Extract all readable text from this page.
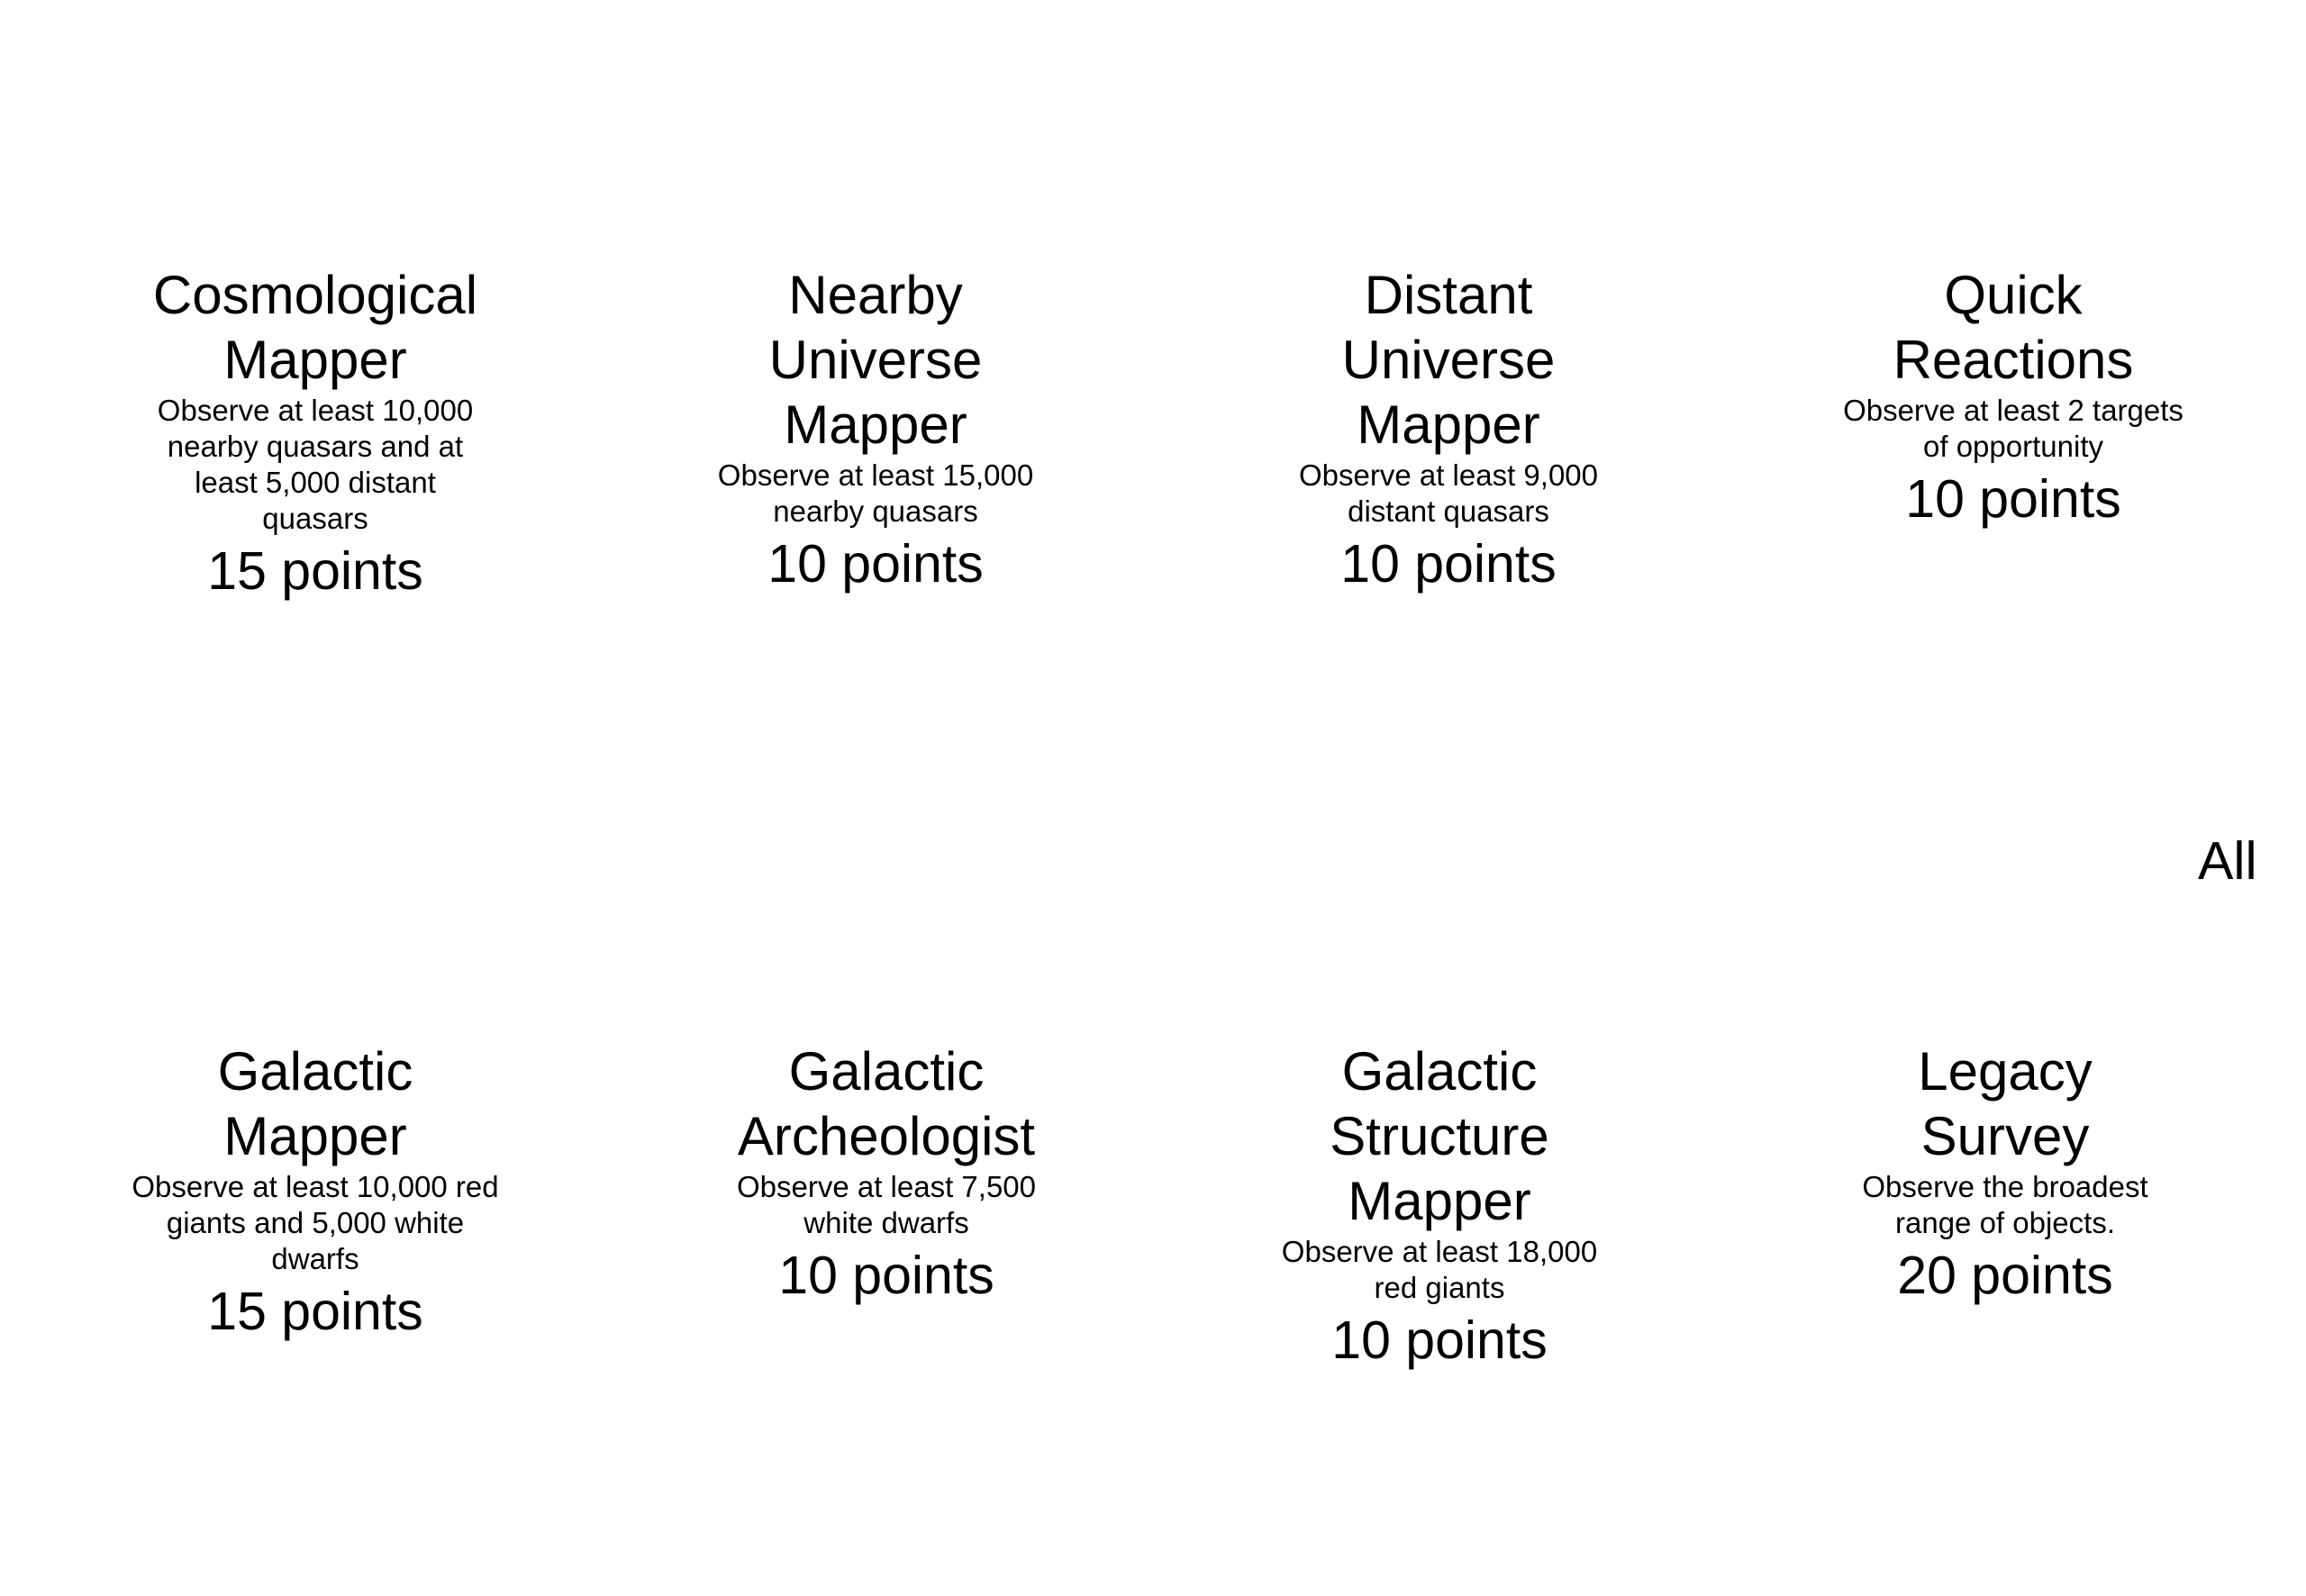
Cosmological Mapper
Observe at least 10,000 nearby quasars and at least 5,000 distant quasars
15 points
Nearby Universe Mapper
Observe at least 15,000 nearby quasars
10 points
Distant Universe Mapper
Observe at least 9,000 distant quasars
10 points
Quick Reactions
Observe at least 2 targets of opportunity
10 points
All
Galactic Mapper
Observe at least 10,000 red giants and 5,000 white dwarfs
15 points
Galactic Archeologist
Observe at least 7,500 white dwarfs
10 points
Galactic Structure Mapper
Observe at least 18,000 red giants
10 points
Legacy Survey
Observe the broadest range of objects.
20 points
